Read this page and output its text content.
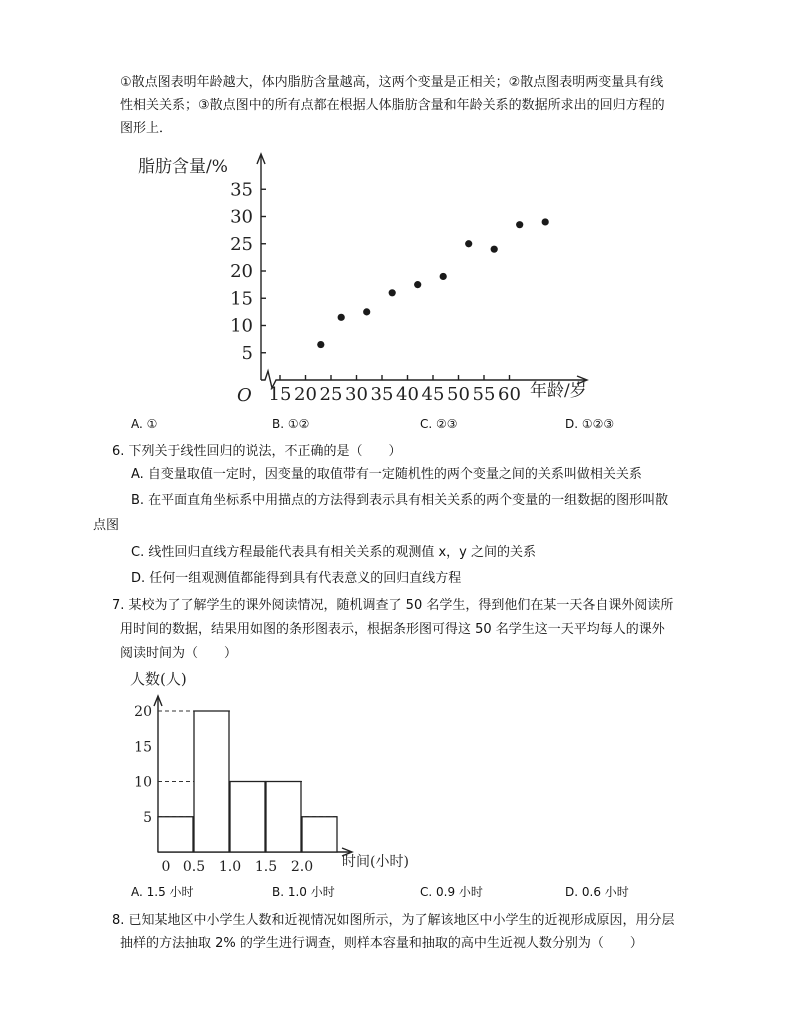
①散点图表明年龄越大，体内脂肪含量越高，这两个变量是正相关；②散点图表明两变量具有线
性相关关系；③散点图中的所有点都在根据人体脂肪含量和年龄关系的数据所求出的回归方程的
图形上．
脂肪含量/%
年龄/岁
O
5
10
15
20
25
30
35
15 20 25 30 35 40 45 50 55 60
A. ①	B. ①②	C. ②③	D. ①②③
6. 下列关于线性回归的说法，不正确的是（　　）
A. 自变量取值一定时，因变量的取值带有一定随机性的两个变量之间的关系叫做相关关系
B. 在平面直角坐标系中用描点的方法得到表示具有相关关系的两个变量的一组数据的图形叫散
点图
C. 线性回归直线方程最能代表具有相关关系的观测值 x，y 之间的关系
D. 任何一组观测值都能得到具有代表意义的回归直线方程
7. 某校为了了解学生的课外阅读情况，随机调查了 50 名学生，得到他们在某一天各自课外阅读所
用时间的数据，结果用如图的条形图表示，根据条形图可得这 50 名学生这一天平均每人的课外
阅读时间为（　　）
人数(人)
时间(小时)
5
10
15
20
0 0.5 1.0 1.5 2.0
A. 1.5 小时	B. 1.0 小时	C. 0.9 小时	D. 0.6 小时
8. 已知某地区中小学生人数和近视情况如图所示，为了解该地区中小学生的近视形成原因，用分层
抽样的方法抽取 2% 的学生进行调查，则样本容量和抽取的高中生近视人数分别为（　　）
